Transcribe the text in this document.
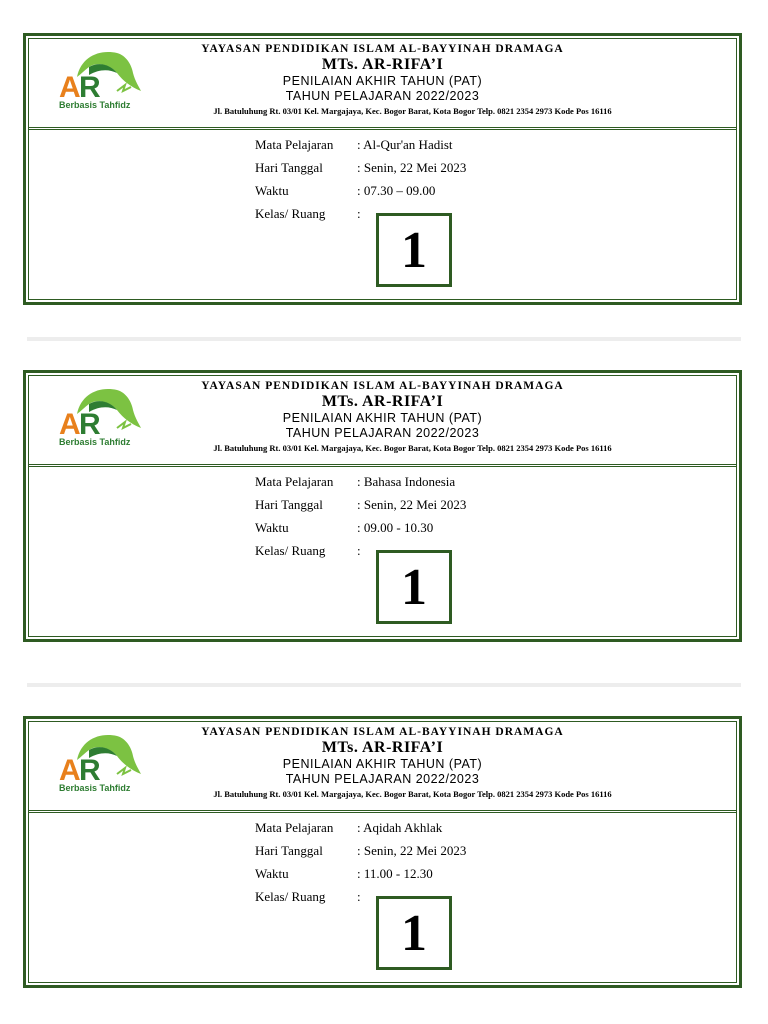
A
R
Berbasis Tahfidz
YAYASAN PENDIDIKAN ISLAM AL-BAYYINAH DRAMAGA
MTs. AR-RIFA’I
PENILAIAN AKHIR TAHUN (PAT)
TAHUN PELAJARAN 2022/2023
Jl. Batuluhung Rt. 03/01 Kel. Margajaya, Kec. Bogor Barat, Kota Bogor Telp. 0821 2354 2973 Kode Pos 16116
Mata Pelajaran : Al-Qur'an Hadist
Hari Tanggal	: Senin, 22 Mei 2023
Waktu	: 07.30 – 09.00
Kelas/ Ruang :
1
A
R
Berbasis Tahfidz
YAYASAN PENDIDIKAN ISLAM AL-BAYYINAH DRAMAGA
MTs. AR-RIFA’I
PENILAIAN AKHIR TAHUN (PAT)
TAHUN PELAJARAN 2022/2023
Jl. Batuluhung Rt. 03/01 Kel. Margajaya, Kec. Bogor Barat, Kota Bogor Telp. 0821 2354 2973 Kode Pos 16116
Mata Pelajaran : Bahasa Indonesia
Hari Tanggal	: Senin, 22 Mei 2023
Waktu	: 09.00 - 10.30
Kelas/ Ruang :
1
A
R
Berbasis Tahfidz
YAYASAN PENDIDIKAN ISLAM AL-BAYYINAH DRAMAGA
MTs. AR-RIFA’I
PENILAIAN AKHIR TAHUN (PAT)
TAHUN PELAJARAN 2022/2023
Jl. Batuluhung Rt. 03/01 Kel. Margajaya, Kec. Bogor Barat, Kota Bogor Telp. 0821 2354 2973 Kode Pos 16116
Mata Pelajaran : Aqidah Akhlak
Hari Tanggal	: Senin, 22 Mei 2023
Waktu	: 11.00 - 12.30
Kelas/ Ruang :
1
